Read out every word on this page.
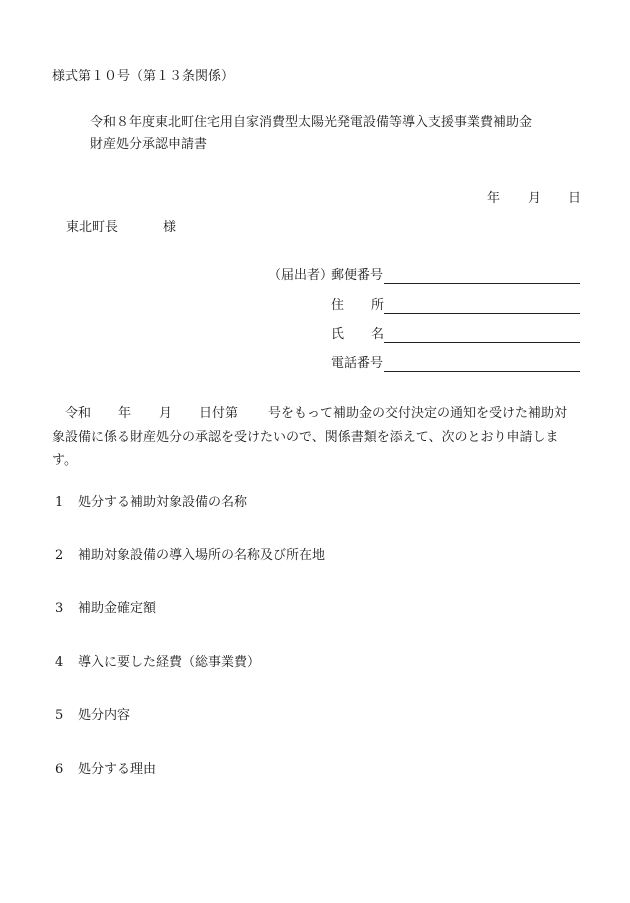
様式第１０号（第１３条関係）
令和８年度東北町住宅用自家消費型太陽光発電設備等導入支援事業費補助金
財産処分承認申請書
年 月 日
東北町長	様
（届出者）
郵便番号
住 所
氏 名
電話番号
令和 年 月 日付第 号をもって補助金の交付決定の通知を受けた補助対
象設備に係る財産処分の承認を受けたいので、関係書類を添えて、次のとおり申請しま
す。
1 処分する補助対象設備の名称
2 補助対象設備の導入場所の名称及び所在地
3 補助金確定額
4 導入に要した経費（総事業費）
5 処分内容
6 処分する理由
